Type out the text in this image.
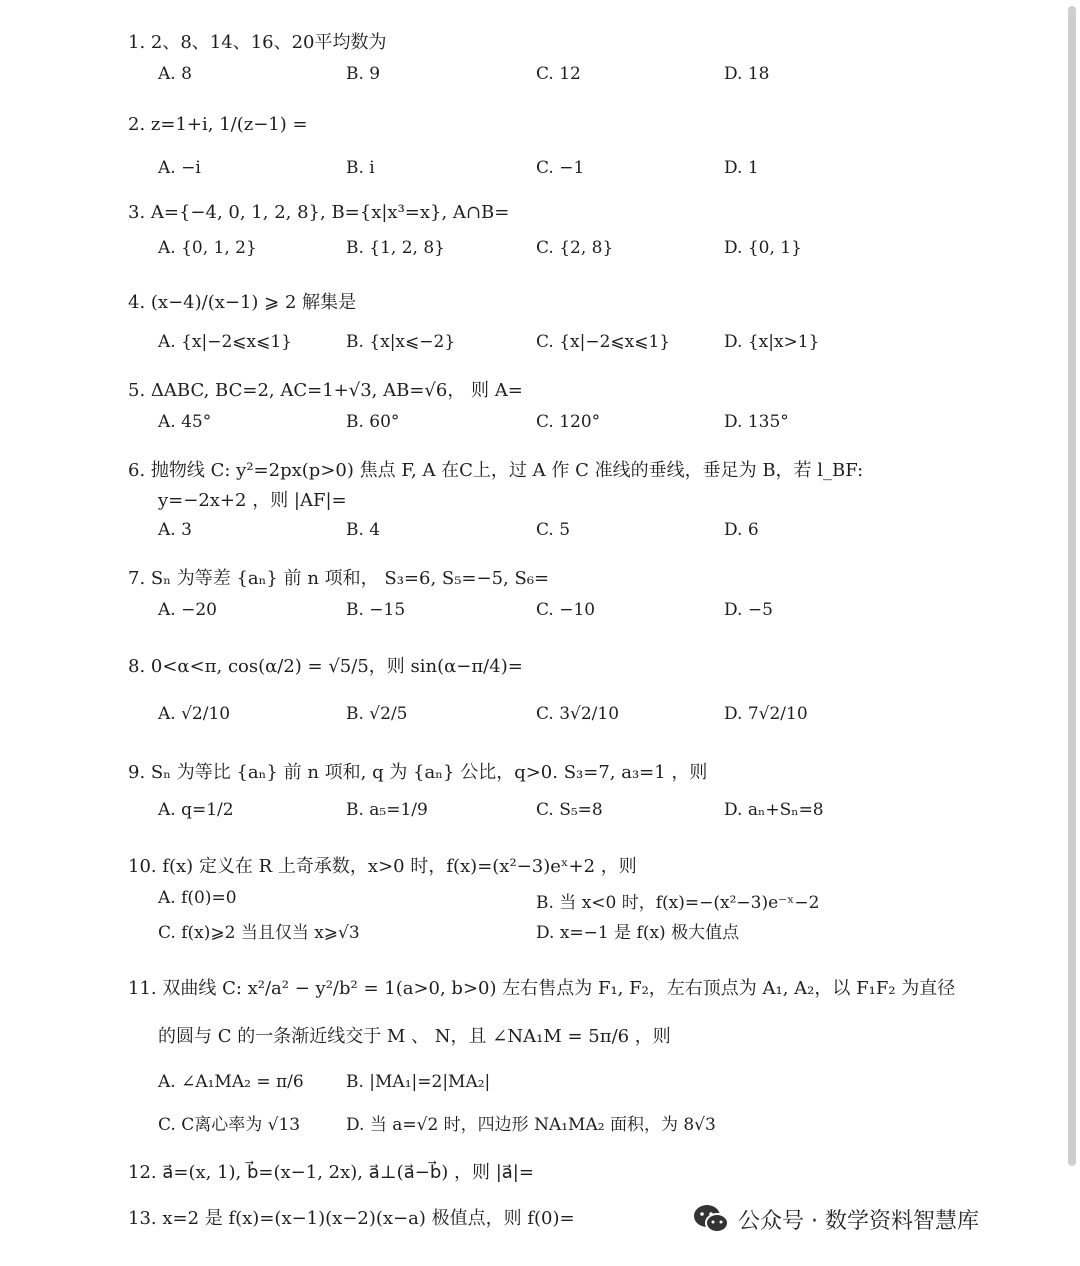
1. 2、8、14、16、20平均数为
A. 8	B. 9	C. 12	D. 18
2. z=1+i, 1/(z−1) =
A. −i	B. i	C. −1	D. 1
3. A={−4, 0, 1, 2, 8}, B={x|x³=x}, A∩B=
A. {0, 1, 2}	B. {1, 2, 8}	C. {2, 8}	D. {0, 1}
4. (x−4)/(x−1) ⩾ 2 解集是
A. {x|−2⩽x⩽1}	B. {x|x⩽−2}	C. {x|−2⩽x⩽1}	D. {x|x>1}
5. ΔABC, BC=2, AC=1+√3, AB=√6， 则 A=
A. 45°	B. 60°	C. 120°	D. 135°
6. 抛物线 C: y²=2px(p>0) 焦点 F, A 在C上，过 A 作 C 准线的垂线，垂足为 B，若 l_BF:
y=−2x+2 ，则 |AF|=
A. 3	B. 4	C. 5	D. 6
7. Sₙ 为等差 {aₙ} 前 n 项和， S₃=6, S₅=−5, S₆=
A. −20	B. −15	C. −10	D. −5
8. 0<α<π, cos(α/2) = √5/5，则 sin(α−π/4)=
A. √2/10	B. √2/5	C. 3√2/10	D. 7√2/10
9. Sₙ 为等比 {aₙ} 前 n 项和, q 为 {aₙ} 公比，q>0. S₃=7, a₃=1 ，则
A. q=1/2	B. a₅=1/9	C. S₅=8	D. aₙ+Sₙ=8
10. f(x) 定义在 R 上奇承数，x>0 时，f(x)=(x²−3)eˣ+2 ，则
A. f(0)=0	B. 当 x<0 时，f(x)=−(x²−3)e⁻ˣ−2
C. f(x)⩾2 当且仅当 x⩾√3	D. x=−1 是 f(x) 极大值点
11. 双曲线 C: x²/a² − y²/b² = 1(a>0, b>0) 左右售点为 F₁, F₂，左右顶点为 A₁, A₂，以 F₁F₂ 为直径
的圆与 C 的一条渐近线交于 M 、 N，且 ∠NA₁M = 5π/6 ，则
A. ∠A₁MA₂ = π/6 B. |MA₁|=2|MA₂|
C. C离心率为 √13	D. 当 a=√2 时，四边形 NA₁MA₂ 面积，为 8√3
12. a⃗=(x, 1), b⃗=(x−1, 2x), a⃗⊥(a⃗−b⃗) ，则 |a⃗|=
13. x=2 是 f(x)=(x−1)(x−2)(x−a) 极值点，则 f(0)=	公众号 · 数学资料智慧库
